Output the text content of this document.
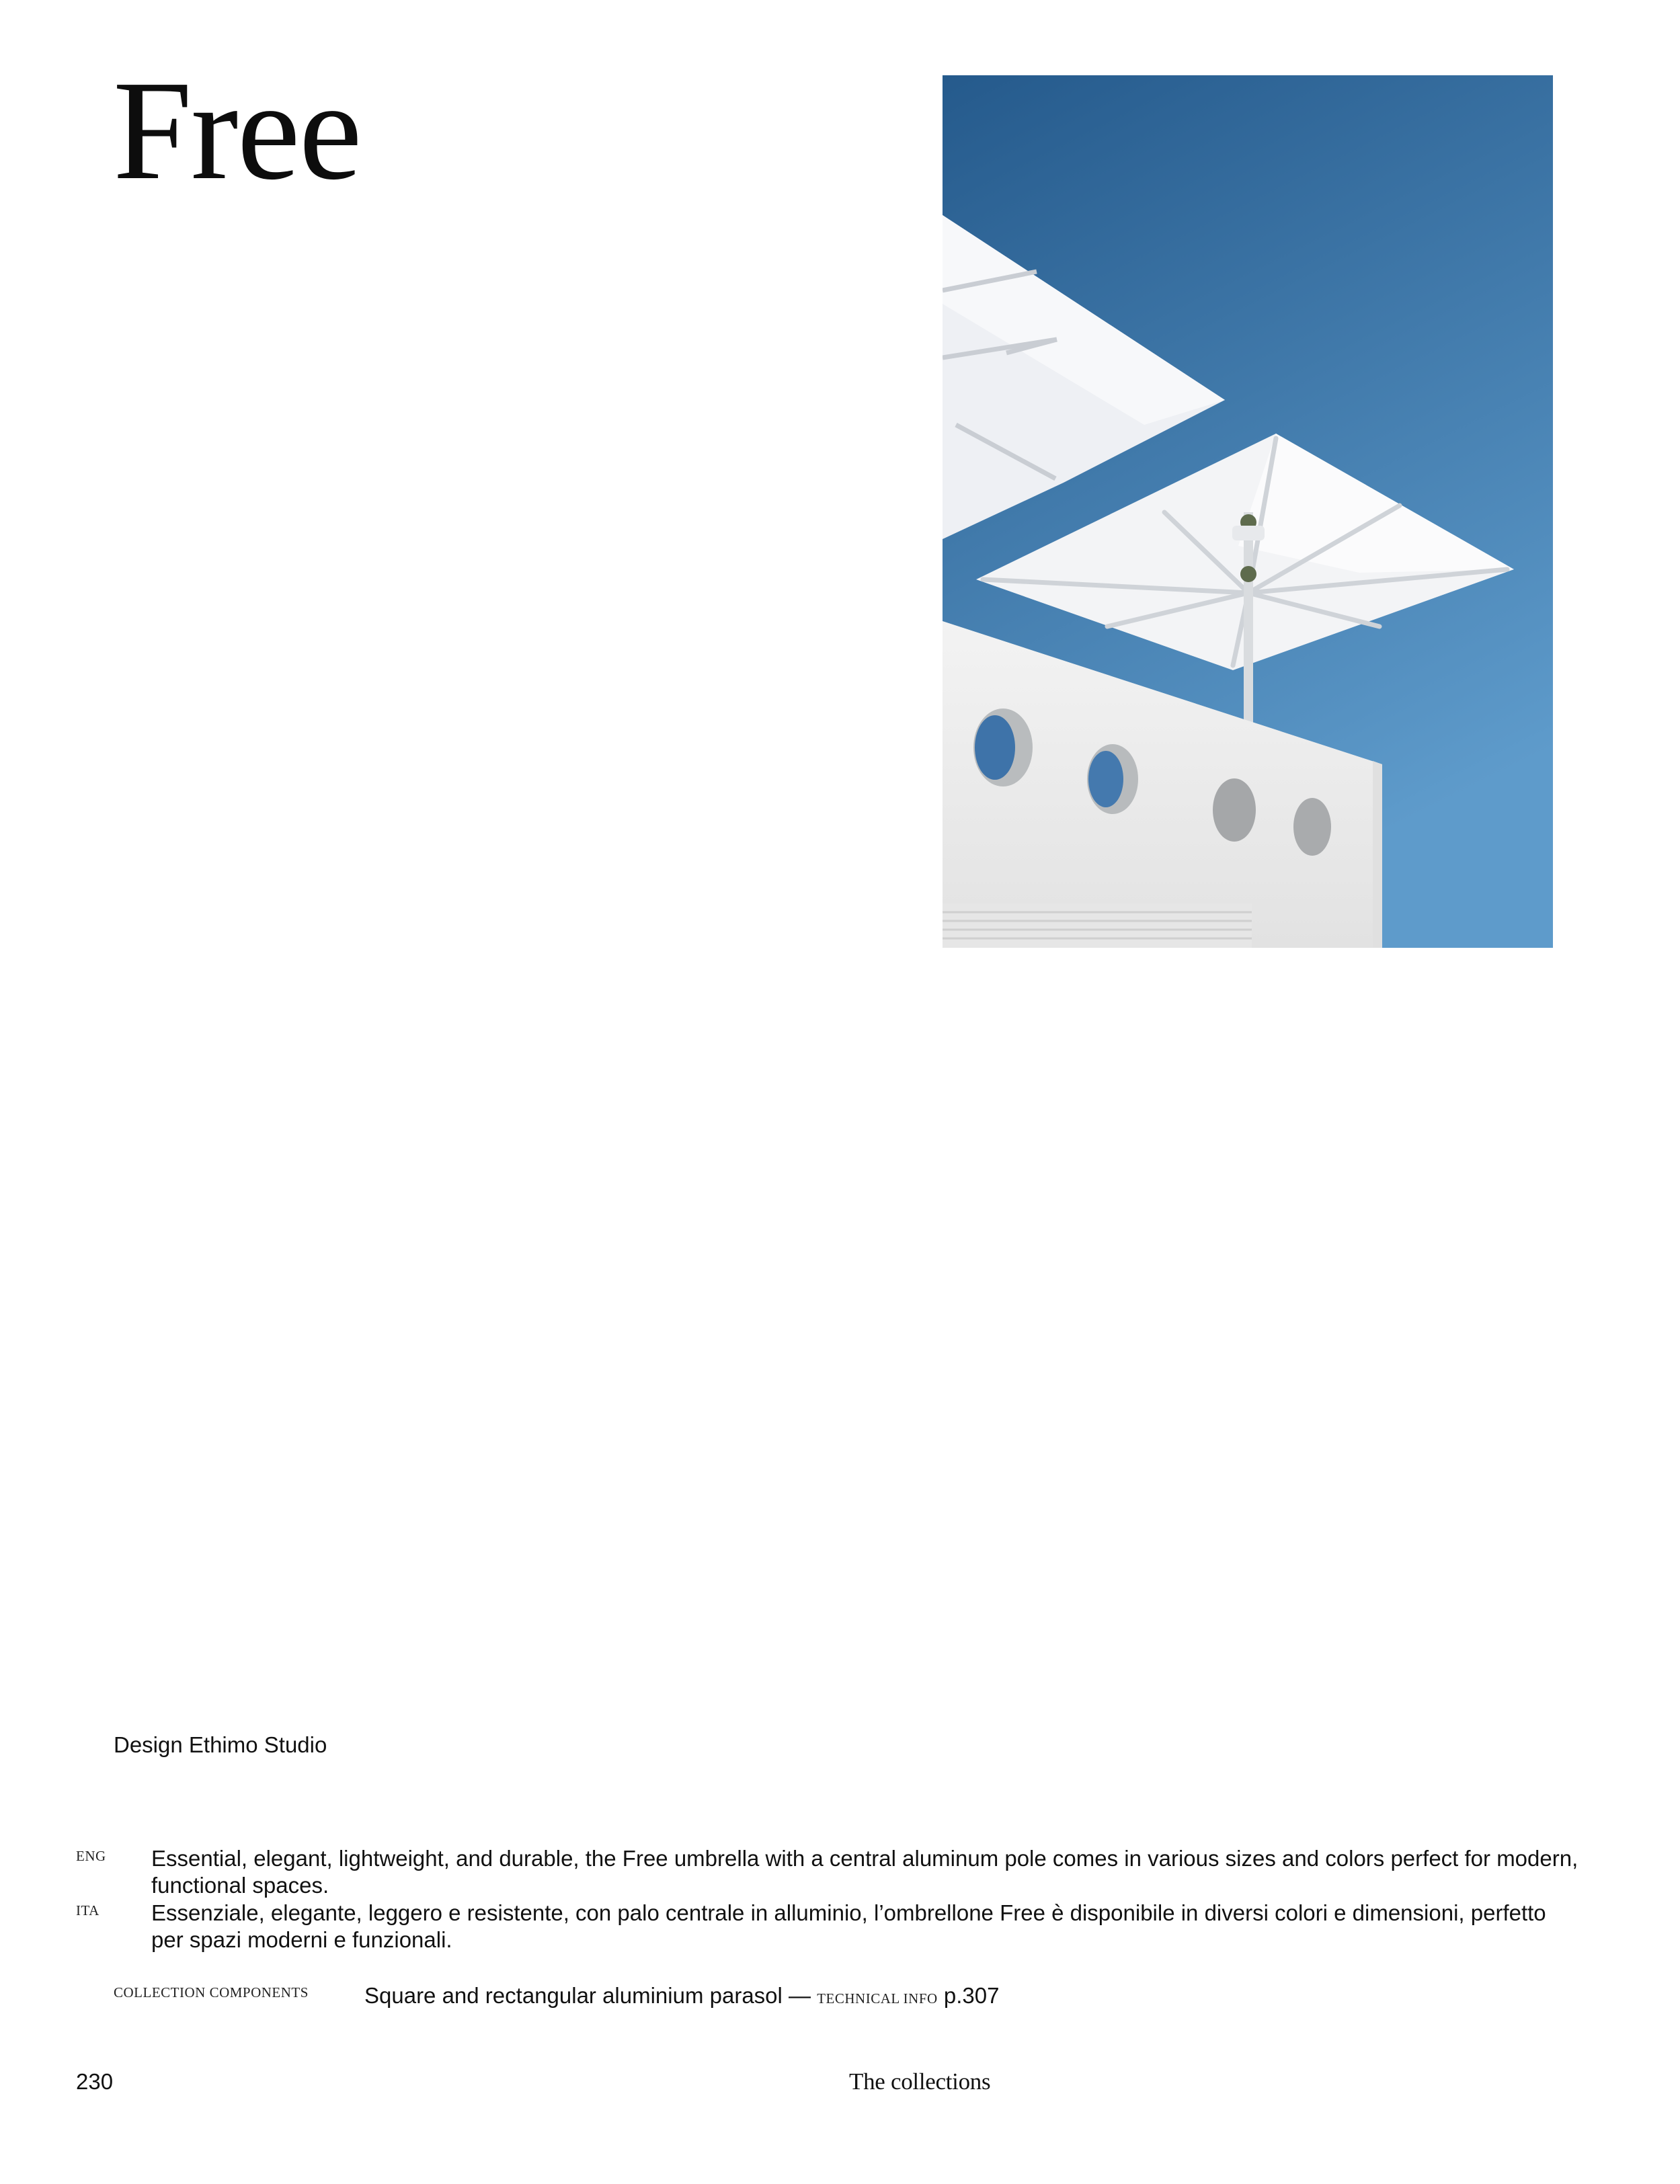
Free
Design Ethimo Studio
ENG Essential, elegant, lightweight, and durable, the Free umbrella with a central aluminum pole comes in various sizes and colors perfect for modern, functional spaces.
ITA Essenziale, elegante, leggero e resistente, con palo centrale in alluminio, l’ombrellone Free è disponibile in diversi colori e dimensioni, perfetto per spazi moderni e funzionali.
COLLECTION COMPONENTS	Square and rectangular aluminium parasol — TECHNICAL INFO p.307
230	The collections
